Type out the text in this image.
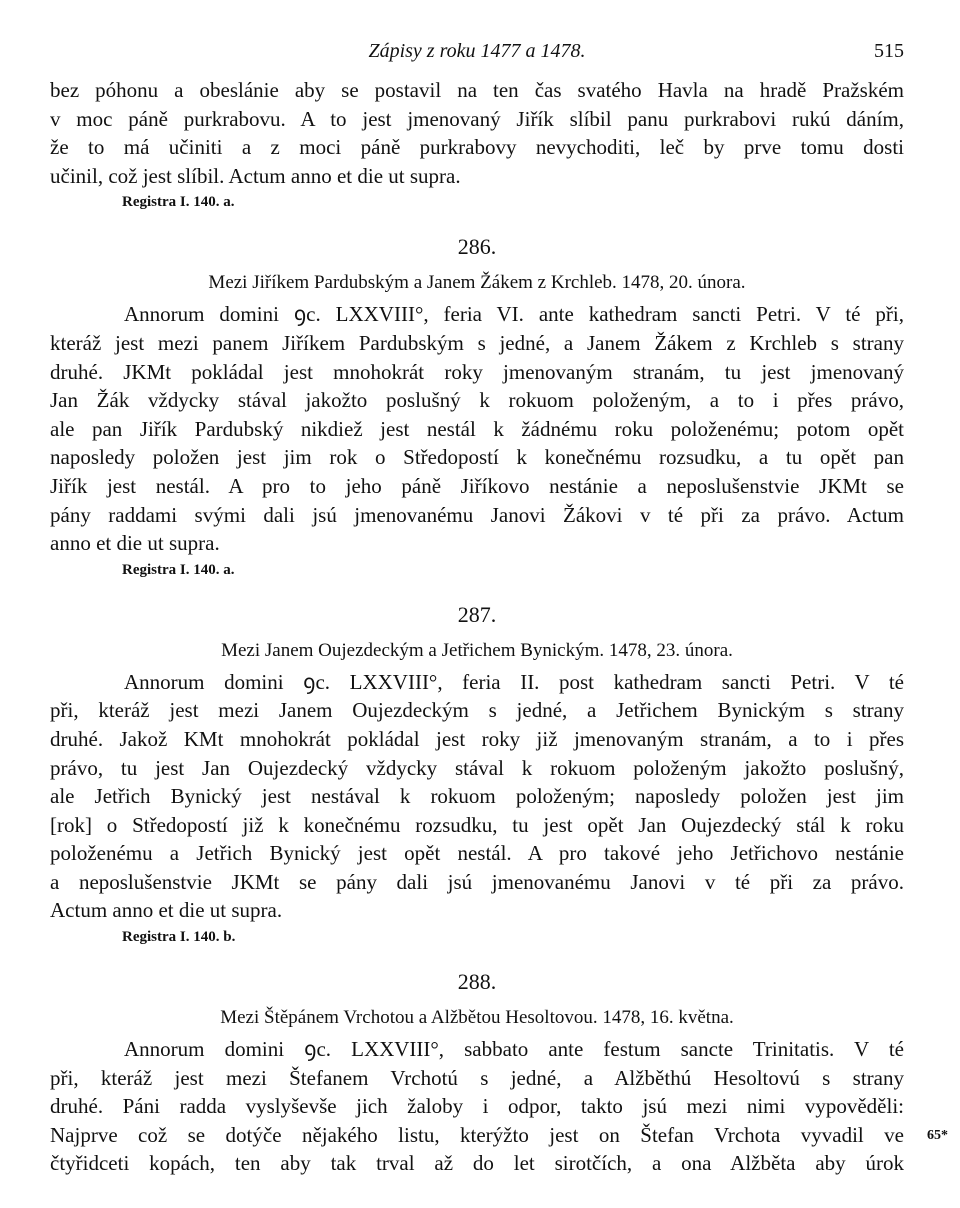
Zápisy z roku 1477 a 1478.	515
bez póhonu a obeslánie aby se postavil na ten čas svatého Havla na hradě Pražském
v moc páně purkrabovu. A to jest jmenovaný Jiřík slíbil panu purkrabovi rukú dáním,
že to má učiniti a z moci páně purkrabovy nevychoditi, leč by prve tomu dosti
učinil, což jest slíbil. Actum anno et die ut supra.
Registra I. 140. a.
286.
Mezi Jiříkem Pardubským a Janem Žákem z Krchleb. 1478, 20. února.
Annorum domini ꝯc. LXXVIII°, feria VI. ante kathedram sancti Petri. V té při,
kteráž jest mezi panem Jiříkem Pardubským s jedné, a Janem Žákem z Krchleb s strany
druhé. JKMt pokládal jest mnohokrát roky jmenovaným stranám, tu jest jmenovaný
Jan Žák vždycky stával jakožto poslušný k rokuom položeným, a to i přes právo,
ale pan Jiřík Pardubský nikdiež jest nestál k žádnému roku položenému; potom opět
naposledy položen jest jim rok o Středopostí k konečnému rozsudku, a tu opět pan
Jiřík jest nestál. A pro to jeho páně Jiříkovo nestánie a neposlušenstvie JKMt se
pány raddami svými dali jsú jmenovanému Janovi Žákovi v té při za právo. Actum
anno et die ut supra.
Registra I. 140. a.
287.
Mezi Janem Oujezdeckým a Jetřichem Bynickým. 1478, 23. února.
Annorum domini ꝯc. LXXVIII°, feria II. post kathedram sancti Petri. V té
při, kteráž jest mezi Janem Oujezdeckým s jedné, a Jetřichem Bynickým s strany
druhé. Jakož KMt mnohokrát pokládal jest roky již jmenovaným stranám, a to i přes
právo, tu jest Jan Oujezdecký vždycky stával k rokuom položeným jakožto poslušný,
ale Jetřich Bynický jest nestával k rokuom položeným; naposledy položen jest jim
[rok] o Středopostí již k konečnému rozsudku, tu jest opět Jan Oujezdecký stál k roku
položenému a Jetřich Bynický jest opět nestál. A pro takové jeho Jetřichovo nestánie
a neposlušenstvie JKMt se pány dali jsú jmenovanému Janovi v té při za právo.
Actum anno et die ut supra.
Registra I. 140. b.
288.
Mezi Štěpánem Vrchotou a Alžbětou Hesoltovou. 1478, 16. května.
Annorum domini ꝯc. LXXVIII°, sabbato ante festum sancte Trinitatis. V té
při, kteráž jest mezi Štefanem Vrchotú s jedné, a Alžběthú Hesoltovú s strany
druhé. Páni radda vyslyševše jich žaloby i odpor, takto jsú mezi nimi vypověděli:
Najprve což se dotýče nějakého listu, kterýžto jest on Štefan Vrchota vyvadil ve
čtyřidceti kopách, ten aby tak trval až do let sirotčích, a ona Alžběta aby úrok
65*
